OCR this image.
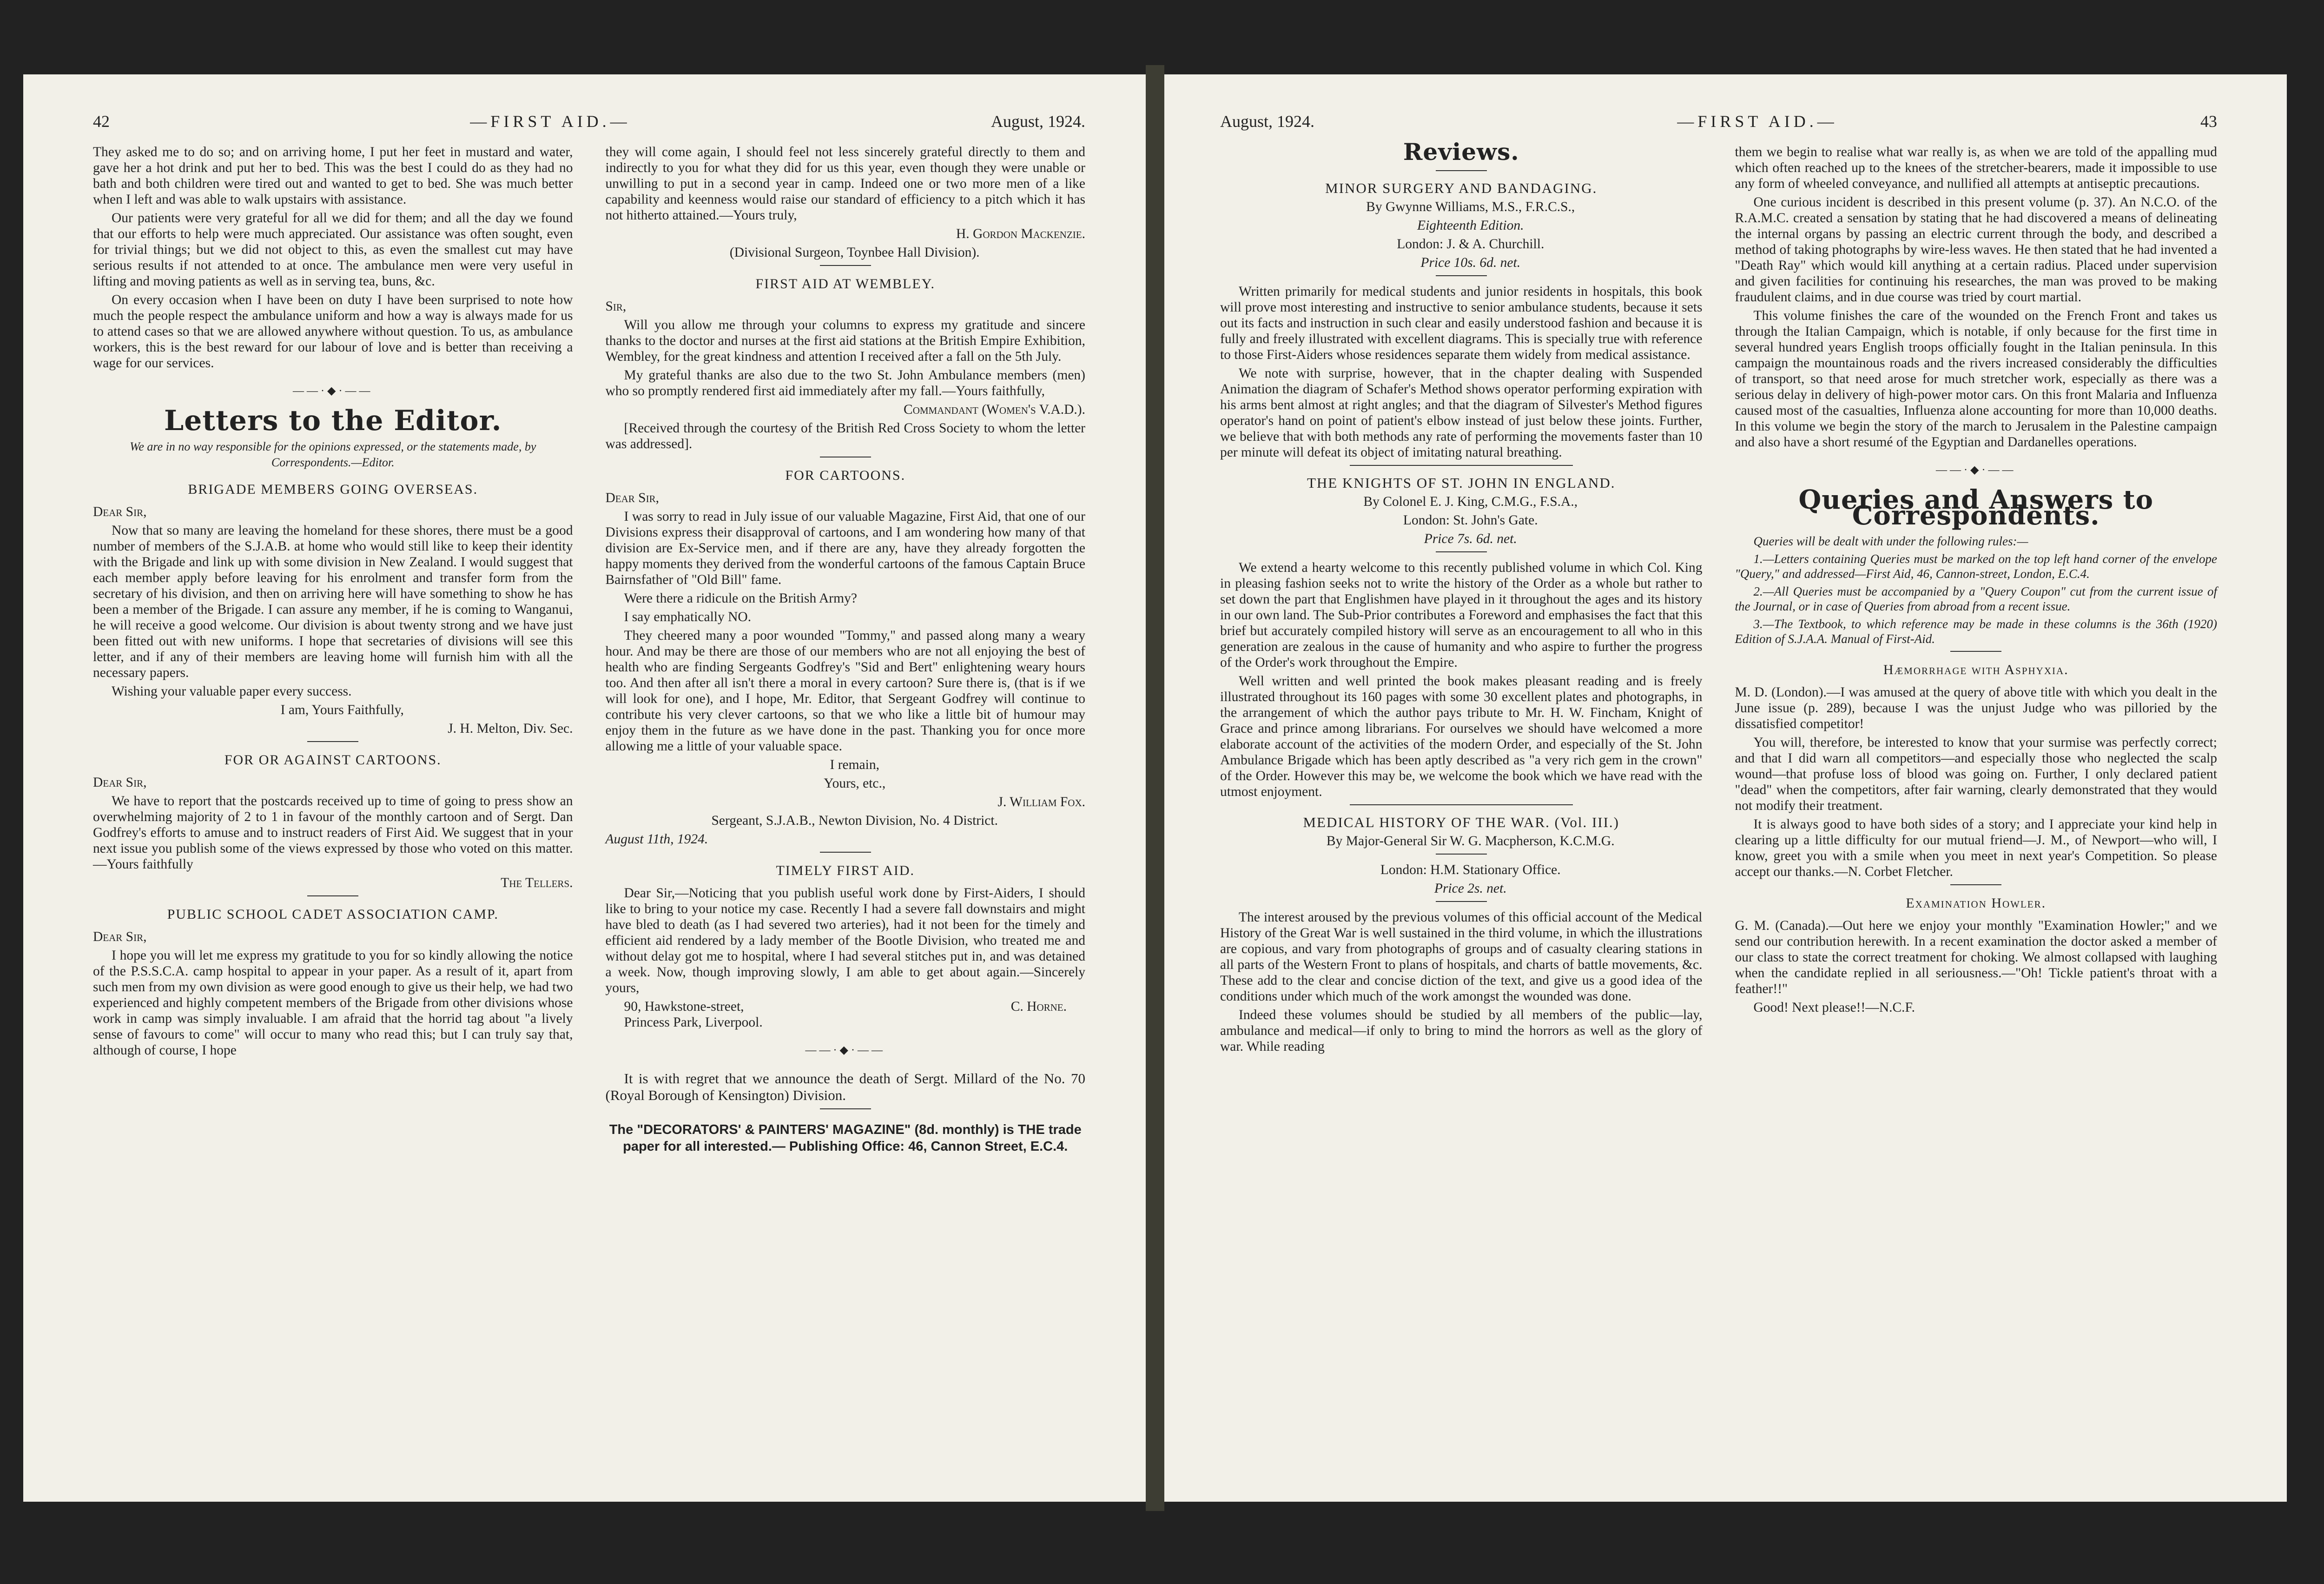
42	—FIRST AID.—	August, 1924.

They asked me to do so; and on arriving home, I put her feet in mustard and water, gave her a hot drink and put her to bed. This was the best I could do as they had no bath and both children were tired out and wanted to get to bed. She was much better when I left and was able to walk upstairs with assistance.

Our patients were very grateful for all we did for them; and all the day we found that our efforts to help were much appreciated. Our assistance was often sought, even for trivial things; but we did not object to this, as even the smallest cut may have serious results if not attended to at once. The ambulance men were very useful in lifting and moving patients as well as in serving tea, buns, &c.

On every occasion when I have been on duty I have been surprised to note how much the people respect the ambulance uniform and how a way is always made for us to attend cases so that we are allowed anywhere without question. To us, as ambulance workers, this is the best reward for our labour of love and is better than receiving a wage for our services.

——·◆·——
Letters to the Editor.
We are in no way responsible for the opinions expressed, or the statements made, by Correspondents.—Editor.
BRIGADE MEMBERS GOING OVERSEAS.

Dear Sir,

Now that so many are leaving the homeland for these shores, there must be a good number of members of the S.J.A.B. at home who would still like to keep their identity with the Brigade and link up with some division in New Zealand. I would suggest that each member apply before leaving for his enrolment and transfer form from the secretary of his division, and then on arriving here will have something to show he has been a member of the Brigade. I can assure any member, if he is coming to Wanganui, he will receive a good welcome. Our division is about twenty strong and we have just been fitted out with new uniforms. I hope that secretaries of divisions will see this letter, and if any of their members are leaving home will furnish him with all the necessary papers.

Wishing your valuable paper every success.

I am, Yours Faithfully,

J. H. Melton, Div. Sec.

FOR OR AGAINST CARTOONS.

Dear Sir,

We have to report that the postcards received up to time of going to press show an overwhelming majority of 2 to 1 in favour of the monthly cartoon and of Sergt. Dan Godfrey's efforts to amuse and to instruct readers of First Aid. We suggest that in your next issue you publish some of the views expressed by those who voted on this matter.—Yours faithfully

The Tellers.

PUBLIC SCHOOL CADET ASSOCIATION CAMP.

Dear Sir,

I hope you will let me express my gratitude to you for so kindly allowing the notice of the P.S.S.C.A. camp hospital to appear in your paper. As a result of it, apart from such men from my own division as were good enough to give us their help, we had two experienced and highly competent members of the Brigade from other divisions whose work in camp was simply invaluable. I am afraid that the horrid tag about "a lively sense of favours to come" will occur to many who read this; but I can truly say that, although of course, I hope

they will come again, I should feel not less sincerely grateful directly to them and indirectly to you for what they did for us this year, even though they were unable or unwilling to put in a second year in camp. Indeed one or two more men of a like capability and keenness would raise our standard of efficiency to a pitch which it has not hitherto attained.—Yours truly,

H. Gordon Mackenzie.

(Divisional Surgeon, Toynbee Hall Division).

FIRST AID AT WEMBLEY.

Sir,

Will you allow me through your columns to express my gratitude and sincere thanks to the doctor and nurses at the first aid stations at the British Empire Exhibition, Wembley, for the great kindness and attention I received after a fall on the 5th July.

My grateful thanks are also due to the two St. John Ambulance members (men) who so promptly rendered first aid immediately after my fall.—Yours faithfully,

Commandant (Women's V.A.D.).

[Received through the courtesy of the British Red Cross Society to whom the letter was addressed].

FOR CARTOONS.

Dear Sir,

I was sorry to read in July issue of our valuable Magazine, First Aid, that one of our Divisions express their disapproval of cartoons, and I am wondering how many of that division are Ex-Service men, and if there are any, have they already forgotten the happy moments they derived from the wonderful cartoons of the famous Captain Bruce Bairnsfather of "Old Bill" fame.

Were there a ridicule on the British Army?

I say emphatically NO.

They cheered many a poor wounded "Tommy," and passed along many a weary hour. And may be there are those of our members who are not all enjoying the best of health who are finding Sergeants Godfrey's "Sid and Bert" enlightening weary hours too. And then after all isn't there a moral in every cartoon? Sure there is, (that is if we will look for one), and I hope, Mr. Editor, that Sergeant Godfrey will continue to contribute his very clever cartoons, so that we who like a little bit of humour may enjoy them in the future as we have done in the past. Thanking you for once more allowing me a little of your valuable space.

I remain,

Yours, etc.,

J. William Fox.

Sergeant, S.J.A.B., Newton Division, No. 4 District.

August 11th, 1924.

TIMELY FIRST AID.

Dear Sir,—Noticing that you publish useful work done by First-Aiders, I should like to bring to your notice my case. Recently I had a severe fall downstairs and might have bled to death (as I had severed two arteries), had it not been for the timely and efficient aid rendered by a lady member of the Bootle Division, who treated me and without delay got me to hospital, where I had several stitches put in, and was detained a week. Now, though improving slowly, I am able to get about again.—Sincerely yours,

90, Hawkstone-street,	C. Horne.

Princess Park, Liverpool.

——·◆·——

It is with regret that we announce the death of Sergt. Millard of the No. 70 (Royal Borough of Kensington) Division.

The "DECORATORS' & PAINTERS' MAGAZINE" (8d. monthly) is THE trade paper for all interested.— Publishing Office: 46, Cannon Street, E.C.4.
August, 1924.	—FIRST AID.—	43
Reviews.
MINOR SURGERY AND BANDAGING.

By Gwynne Williams, M.S., F.R.C.S.,

Eighteenth Edition.

London: J. & A. Churchill.

Price 10s. 6d. net.

Written primarily for medical students and junior residents in hospitals, this book will prove most interesting and instructive to senior ambulance students, because it sets out its facts and instruction in such clear and easily understood fashion and because it is fully and freely illustrated with excellent diagrams. This is specially true with reference to those First-Aiders whose residences separate them widely from medical assistance.

We note with surprise, however, that in the chapter dealing with Suspended Animation the diagram of Schafer's Method shows operator performing expiration with his arms bent almost at right angles; and that the diagram of Silvester's Method figures operator's hand on point of patient's elbow instead of just below these joints. Further, we believe that with both methods any rate of performing the movements faster than 10 per minute will defeat its object of imitating natural breathing.

THE KNIGHTS OF ST. JOHN IN ENGLAND.

By Colonel E. J. King, C.M.G., F.S.A.,

London: St. John's Gate.

Price 7s. 6d. net.

We extend a hearty welcome to this recently published volume in which Col. King in pleasing fashion seeks not to write the history of the Order as a whole but rather to set down the part that Englishmen have played in it throughout the ages and its history in our own land. The Sub-Prior contributes a Foreword and emphasises the fact that this brief but accurately compiled history will serve as an encouragement to all who in this generation are zealous in the cause of humanity and who aspire to further the progress of the Order's work throughout the Empire.

Well written and well printed the book makes pleasant reading and is freely illustrated throughout its 160 pages with some 30 excellent plates and photographs, in the arrangement of which the author pays tribute to Mr. H. W. Fincham, Knight of Grace and prince among librarians. For ourselves we should have welcomed a more elaborate account of the activities of the modern Order, and especially of the St. John Ambulance Brigade which has been aptly described as "a very rich gem in the crown" of the Order. However this may be, we welcome the book which we have read with the utmost enjoyment.

MEDICAL HISTORY OF THE WAR. (Vol. III.)

By Major-General Sir W. G. Macpherson, K.C.M.G.

London: H.M. Stationary Office.

Price 2s. net.

The interest aroused by the previous volumes of this official account of the Medical History of the Great War is well sustained in the third volume, in which the illustrations are copious, and vary from photographs of groups and of casualty clearing stations in all parts of the Western Front to plans of hospitals, and charts of battle movements, &c. These add to the clear and concise diction of the text, and give us a good idea of the conditions under which much of the work amongst the wounded was done.

Indeed these volumes should be studied by all members of the public—lay, ambulance and medical—if only to bring to mind the horrors as well as the glory of war. While reading

them we begin to realise what war really is, as when we are told of the appalling mud which often reached up to the knees of the stretcher-bearers, made it impossible to use any form of wheeled conveyance, and nullified all attempts at antiseptic precautions.

One curious incident is described in this present volume (p. 37). An N.C.O. of the R.A.M.C. created a sensation by stating that he had discovered a means of delineating the internal organs by passing an electric current through the body, and described a method of taking photographs by wire-less waves. He then stated that he had invented a "Death Ray" which would kill anything at a certain radius. Placed under supervision and given facilities for continuing his researches, the man was proved to be making fraudulent claims, and in due course was tried by court martial.

This volume finishes the care of the wounded on the French Front and takes us through the Italian Campaign, which is notable, if only because for the first time in several hundred years English troops officially fought in the Italian peninsula. In this campaign the mountainous roads and the rivers increased considerably the difficulties of transport, so that need arose for much stretcher work, especially as there was a serious delay in delivery of high-power motor cars. On this front Malaria and Influenza caused most of the casualties, Influenza alone accounting for more than 10,000 deaths. In this volume we begin the story of the march to Jerusalem in the Palestine campaign and also have a short resumé of the Egyptian and Dardanelles operations.

——·◆·——
Queries and Answers to Correspondents.

Queries will be dealt with under the following rules:—

1.—Letters containing Queries must be marked on the top left hand corner of the envelope "Query," and addressed—First Aid, 46, Cannon-street, London, E.C.4.

2.—All Queries must be accompanied by a "Query Coupon" cut from the current issue of the Journal, or in case of Queries from abroad from a recent issue.

3.—The Textbook, to which reference may be made in these columns is the 36th (1920) Edition of S.J.A.A. Manual of First-Aid.

Hæmorrhage with Asphyxia.

M. D. (London).—I was amused at the query of above title with which you dealt in the June issue (p. 289), because I was the unjust Judge who was pilloried by the dissatisfied competitor!

You will, therefore, be interested to know that your surmise was perfectly correct; and that I did warn all competitors—and especially those who neglected the scalp wound—that profuse loss of blood was going on. Further, I only declared patient "dead" when the competitors, after fair warning, clearly demonstrated that they would not modify their treatment.

It is always good to have both sides of a story; and I appreciate your kind help in clearing up a little difficulty for our mutual friend—J. M., of Newport—who will, I know, greet you with a smile when you meet in next year's Competition. So please accept our thanks.—N. Corbet Fletcher.

Examination Howler.

G. M. (Canada).—Out here we enjoy your monthly "Examination Howler;" and we send our contribution herewith. In a recent examination the doctor asked a member of our class to state the correct treatment for choking. We almost collapsed with laughing when the candidate replied in all seriousness.—"Oh! Tickle patient's throat with a feather!!"

Good! Next please!!—N.C.F.
